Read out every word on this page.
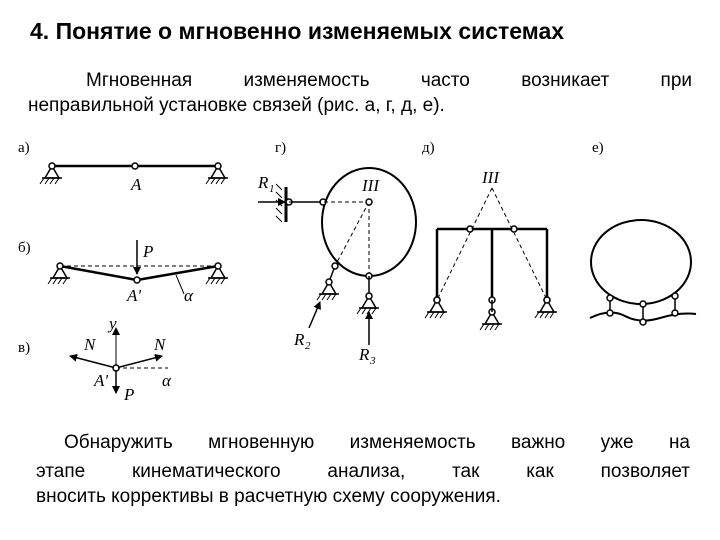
4. Понятие о мгновенно изменяемых системах
Мгновенная изменяемость часто возникает при
неправильной установке связей (рис. а, г, д, е).
а)
б)
в)
г)	д)	е)
A
P
A'	α
y
N	N
A'
P
α
R 1	III
R 2	R 3
III
Обнаружить мгновенную изменяемость важно уже на
этапе кинематического анализа, так как позволяет
вносить коррективы в расчетную схему сооружения.
